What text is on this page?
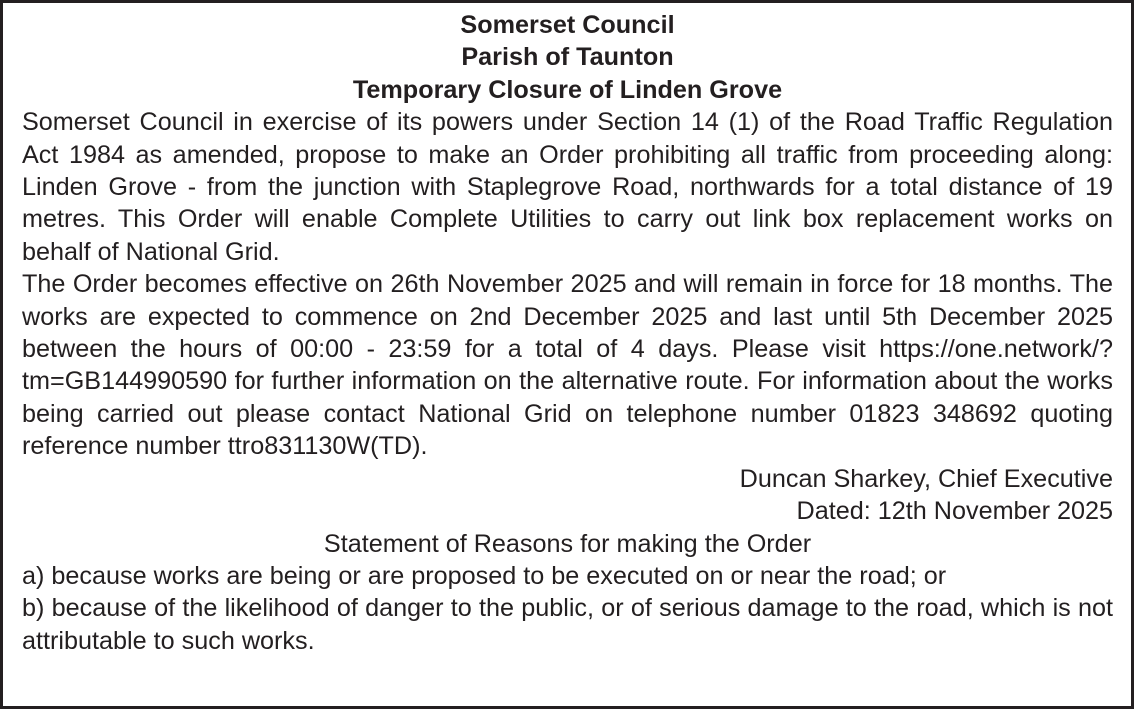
Somerset Council

Parish of Taunton

Temporary Closure of Linden Grove

Somerset Council in exercise of its powers under Section 14 (1) of the Road Traffic Regulation Act 1984 as amended, propose to make an Order prohibiting all traffic from proceeding along: Linden Grove - from the junction with Staplegrove Road, northwards for a total distance of 19 metres. This Order will enable Complete Utilities to carry out link box replacement works on behalf of National Grid.

The Order becomes effective on 26th November 2025 and will remain in force for 18 months. The works are expected to commence on 2nd December 2025 and last until 5th December 2025 between the hours of 00:00 - 23:59 for a total of 4 days. Please visit https://one.network/?tm=GB144990590 for further information on the alternative route. For information about the works being carried out please contact National Grid on telephone number 01823 348692 quoting reference number ttro831130W(TD).

Duncan Sharkey, Chief Executive

Dated: 12th November 2025

Statement of Reasons for making the Order

a) because works are being or are proposed to be executed on or near the road; or

b) because of the likelihood of danger to the public, or of serious damage to the road, which is not attributable to such works.
